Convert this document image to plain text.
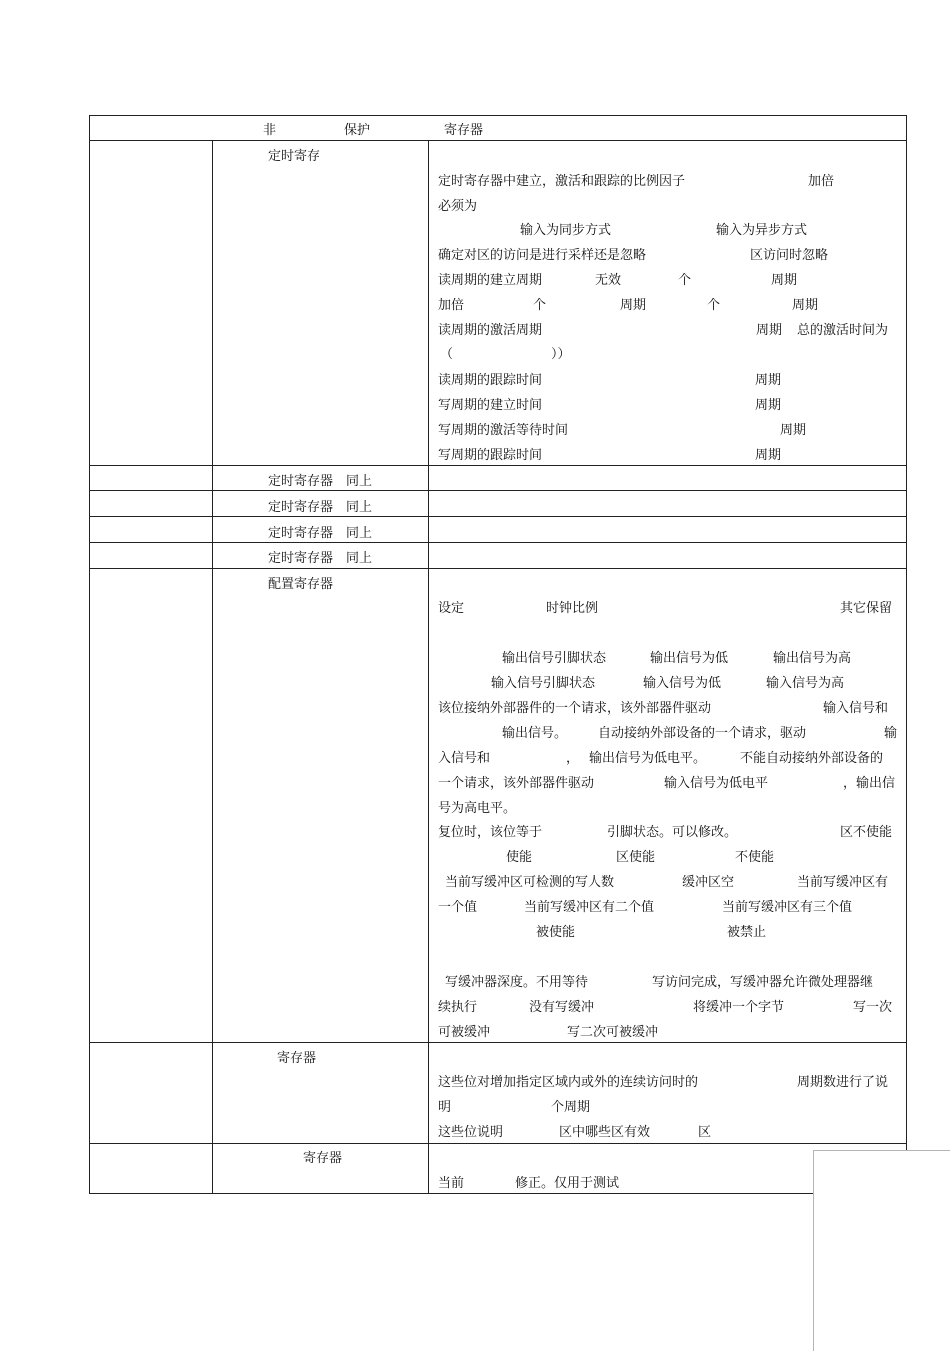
非	保护	寄存器
定时寄存
定时寄存器中建立，激活和跟踪的比例因子	加倍
必须为
输入为同步方式	输入为异步方式
确定对区的访问是进行采样还是忽略	区访问时忽略
读周期的建立周期	无效	个	周期
加倍	个	周期	个	周期
读周期的激活周期	周期 总的激活时间为
（	））
读周期的跟踪时间	周期
写周期的建立时间	周期
写周期的激活等待时间	周期
写周期的跟踪时间	周期
定时寄存器 同上
定时寄存器 同上
定时寄存器 同上
定时寄存器 同上
配置寄存器
设定	时钟比例	其它保留
输出信号引脚状态	输出信号为低	输出信号为高
输入信号引脚状态	输入信号为低	输入信号为高
该位接纳外部器件的一个请求，该外部器件驱动	输入信号和
输出信号。 自动接纳外部设备的一个请求，驱动	输
入信号和	， 输出信号为低电平。	不能自动接纳外部设备的
一个请求，该外部器件驱动	输入信号为低电平	，输出信
号为高电平。
复位时，该位等于	引脚状态。可以修改。	区不使能
使能	区使能	不使能
当前写缓冲区可检测的写人数	缓冲区空	当前写缓冲区有
一个值	当前写缓冲区有二个值	当前写缓冲区有三个值
被使能	被禁止
写缓冲器深度。不用等待	写访问完成，写缓冲器允许微处理器继
续执行	没有写缓冲	将缓冲一个字节	写一次
可被缓冲	写二次可被缓冲
寄存器
这些位对增加指定区域内或外的连续访问时的	周期数进行了说
明	个周期
这些位说明	区中哪些区有效	区
寄存器
当前	修正。仅用于测试
